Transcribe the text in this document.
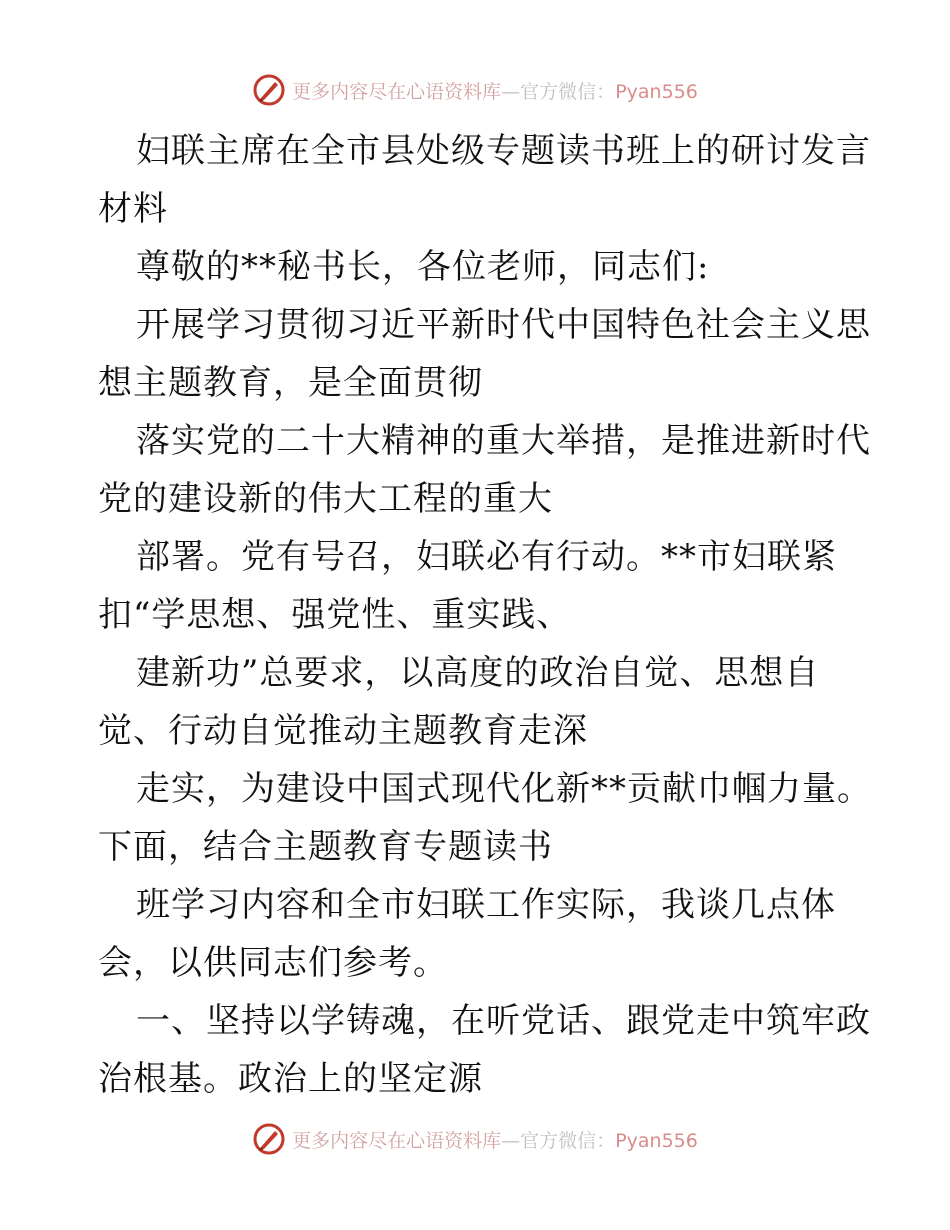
更多内容尽在心语资料库—官方微信：Pyan556
妇联主席在全市县处级专题读书班上的研讨发言
材料
尊敬的**秘书长，各位老师，同志们:
开展学习贯彻习近平新时代中国特色社会主义思
想主题教育，是全面贯彻
落实党的二十大精神的重大举措，是推进新时代
党的建设新的伟大工程的重大
部署。党有号召，妇联必有行动。**市妇联紧
扣“学思想、强党性、重实践、
建新功”总要求，以高度的政治自觉、思想自
觉、行动自觉推动主题教育走深
走实，为建设中国式现代化新**贡献巾帼力量。
下面，结合主题教育专题读书
班学习内容和全市妇联工作实际，我谈几点体
会，以供同志们参考。
一、坚持以学铸魂，在听党话、跟党走中筑牢政
治根基。政治上的坚定源
更多内容尽在心语资料库—官方微信：Pyan556
